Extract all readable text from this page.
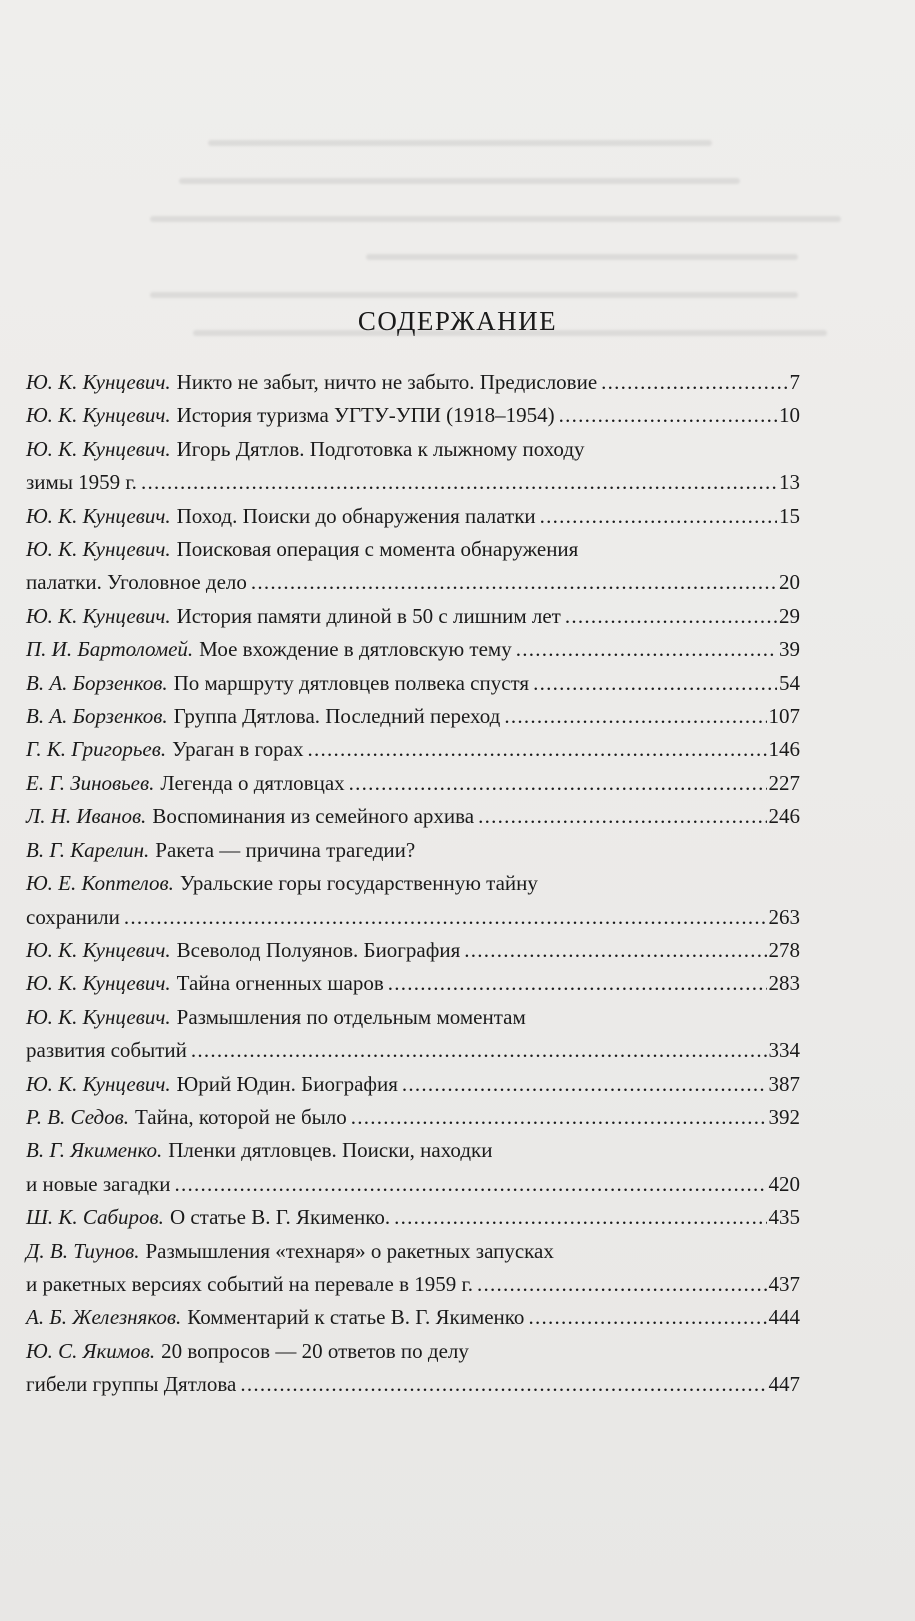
СОДЕРЖАНИЕ
Ю. К. Кунцевич. Никто не забыт, ничто не забыто. Предисловие . . .	7
Ю. К. Кунцевич. История туризма УГТУ-УПИ (1918–1954) . . .	10
Ю. К. Кунцевич. Игорь Дятлов. Подготовка к лыжному походу
зимы 1959 г. . . .	13
Ю. К. Кунцевич. Поход. Поиски до обнаружения палатки . . .	15
Ю. К. Кунцевич. Поисковая операция с момента обнаружения
палатки. Уголовное дело . . .	20
Ю. К. Кунцевич. История памяти длиной в 50 с лишним лет . . .	29
П. И. Бартоломей. Мое вхождение в дятловскую тему . . .	39
В. А. Борзенков. По маршруту дятловцев полвека спустя . . .	54
В. А. Борзенков. Группа Дятлова. Последний переход . . .	107
Г. К. Григорьев. Ураган в горах . . .	146
Е. Г. Зиновьев. Легенда о дятловцах . . .	227
Л. Н. Иванов. Воспоминания из семейного архива . . .	246
В. Г. Карелин. Ракета — причина трагедии?
Ю. Е. Коптелов. Уральские горы государственную тайну
сохранили . . .	263
Ю. К. Кунцевич. Всеволод Полуянов. Биография . . .	278
Ю. К. Кунцевич. Тайна огненных шаров . . .	283
Ю. К. Кунцевич. Размышления по отдельным моментам
развития событий . . .	334
Ю. К. Кунцевич. Юрий Юдин. Биография . . .	387
Р. В. Седов. Тайна, которой не было . . .	392
В. Г. Якименко. Пленки дятловцев. Поиски, находки
и новые загадки . . .	420
Ш. К. Сабиров. О статье В. Г. Якименко. . . .	435
Д. В. Тиунов. Размышления «технаря» о ракетных запусках
и ракетных версиях событий на перевале в 1959 г. . . .	437
А. Б. Железняков. Комментарий к статье В. Г. Якименко . . .	444
Ю. С. Якимов. 20 вопросов — 20 ответов по делу
гибели группы Дятлова . . .	447
